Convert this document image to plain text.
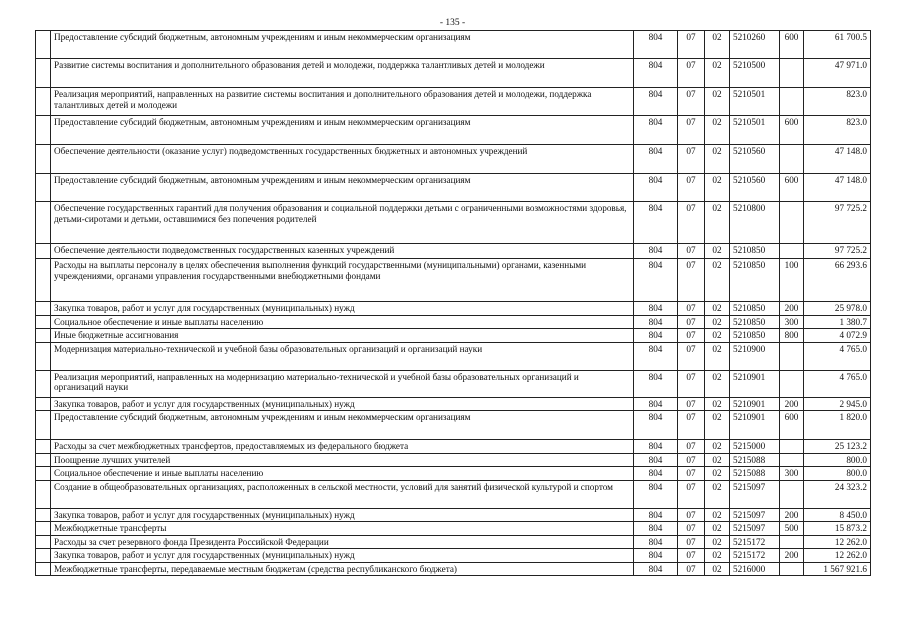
- 135 -
	Предоставление субсидий бюджетным, автономным учреждениям и иным некоммерческим организациям	804	07	02	5210260	600	61 700.5
	Развитие системы воспитания и дополнительного образования детей и молодежи, поддержка талантливых детей и молодежи	804	07	02	5210500		47 971.0
	Реализация мероприятий, направленных на развитие системы воспитания и дополнительного образования детей и молодежи, поддержка талантливых детей и молодежи	804	07	02	5210501		823.0
	Предоставление субсидий бюджетным, автономным учреждениям и иным некоммерческим организациям	804	07	02	5210501	600	823.0
	Обеспечение деятельности (оказание услуг) подведомственных государственных бюджетных и автономных учреждений	804	07	02	5210560		47 148.0
	Предоставление субсидий бюджетным, автономным учреждениям и иным некоммерческим организациям	804	07	02	5210560	600	47 148.0
	Обеспечение государственных гарантий для получения образования и социальной поддержки детьми с ограниченными возможностями здоровья, детьми-сиротами и детьми, оставшимися без попечения родителей	804	07	02	5210800		97 725.2
	Обеспечение деятельности подведомственных государственных казенных учреждений	804	07	02	5210850		97 725.2
	Расходы на выплаты персоналу в целях обеспечения выполнения функций государственными (муниципальными) органами, казенными учреждениями, органами управления государственными внебюджетными фондами	804	07	02	5210850	100	66 293.6
	Закупка товаров, работ и услуг для государственных (муниципальных) нужд	804	07	02	5210850	200	25 978.0
	Социальное обеспечение и иные выплаты населению	804	07	02	5210850	300	1 380.7
	Иные бюджетные ассигнования	804	07	02	5210850	800	4 072.9
	Модернизация материально-технической и учебной базы образовательных организаций и организаций науки	804	07	02	5210900		4 765.0
	Реализация мероприятий, направленных на модернизацию материально-технической и учебной базы образовательных организаций и организаций науки	804	07	02	5210901		4 765.0
	Закупка товаров, работ и услуг для государственных (муниципальных) нужд	804	07	02	5210901	200	2 945.0
	Предоставление субсидий бюджетным, автономным учреждениям и иным некоммерческим организациям	804	07	02	5210901	600	1 820.0
	Расходы за счет межбюджетных трансфертов, предоставляемых из федерального бюджета	804	07	02	5215000		25 123.2
	Поощрение лучших учителей	804	07	02	5215088		800.0
	Социальное обеспечение и иные выплаты населению	804	07	02	5215088	300	800.0
	Создание в общеобразовательных организациях, расположенных в сельской местности, условий для занятий физической культурой и спортом	804	07	02	5215097		24 323.2
	Закупка товаров, работ и услуг для государственных (муниципальных) нужд	804	07	02	5215097	200	8 450.0
	Межбюджетные трансферты	804	07	02	5215097	500	15 873.2
	Расходы за счет резервного фонда Президента Российской Федерации	804	07	02	5215172		12 262.0
	Закупка товаров, работ и услуг для государственных (муниципальных) нужд	804	07	02	5215172	200	12 262.0
	Межбюджетные трансферты, передаваемые местным бюджетам (средства республиканского бюджета)	804	07	02	5216000		1 567 921.6
